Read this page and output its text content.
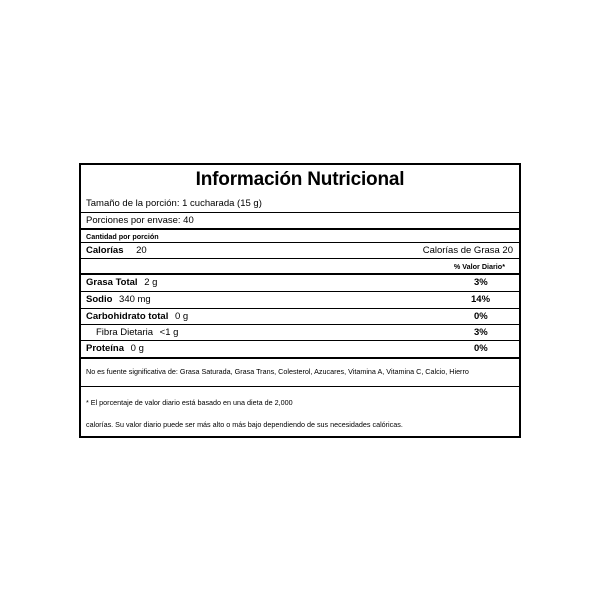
Información Nutricional
Tamaño de la porción: 1 cucharada (15 g)
Porciones por envase: 40
Cantidad por porción
Calorías 20	Calorías de Grasa 20
% Valor Diario*
Grasa Total 2 g	3%
Sodio 340 mg	14%
Carbohidrato total 0 g	0%
Fibra Dietaria <1 g	3%
Proteína 0 g	0%
No es fuente significativa de: Grasa Saturada, Grasa Trans, Colesterol, Azucares, Vitamina A, Vitamina C, Calcio, Hierro
* El porcentaje de valor diario está basado en una dieta de 2,000
calorías. Su valor diario puede ser más alto o más bajo dependiendo de sus necesidades calóricas.
